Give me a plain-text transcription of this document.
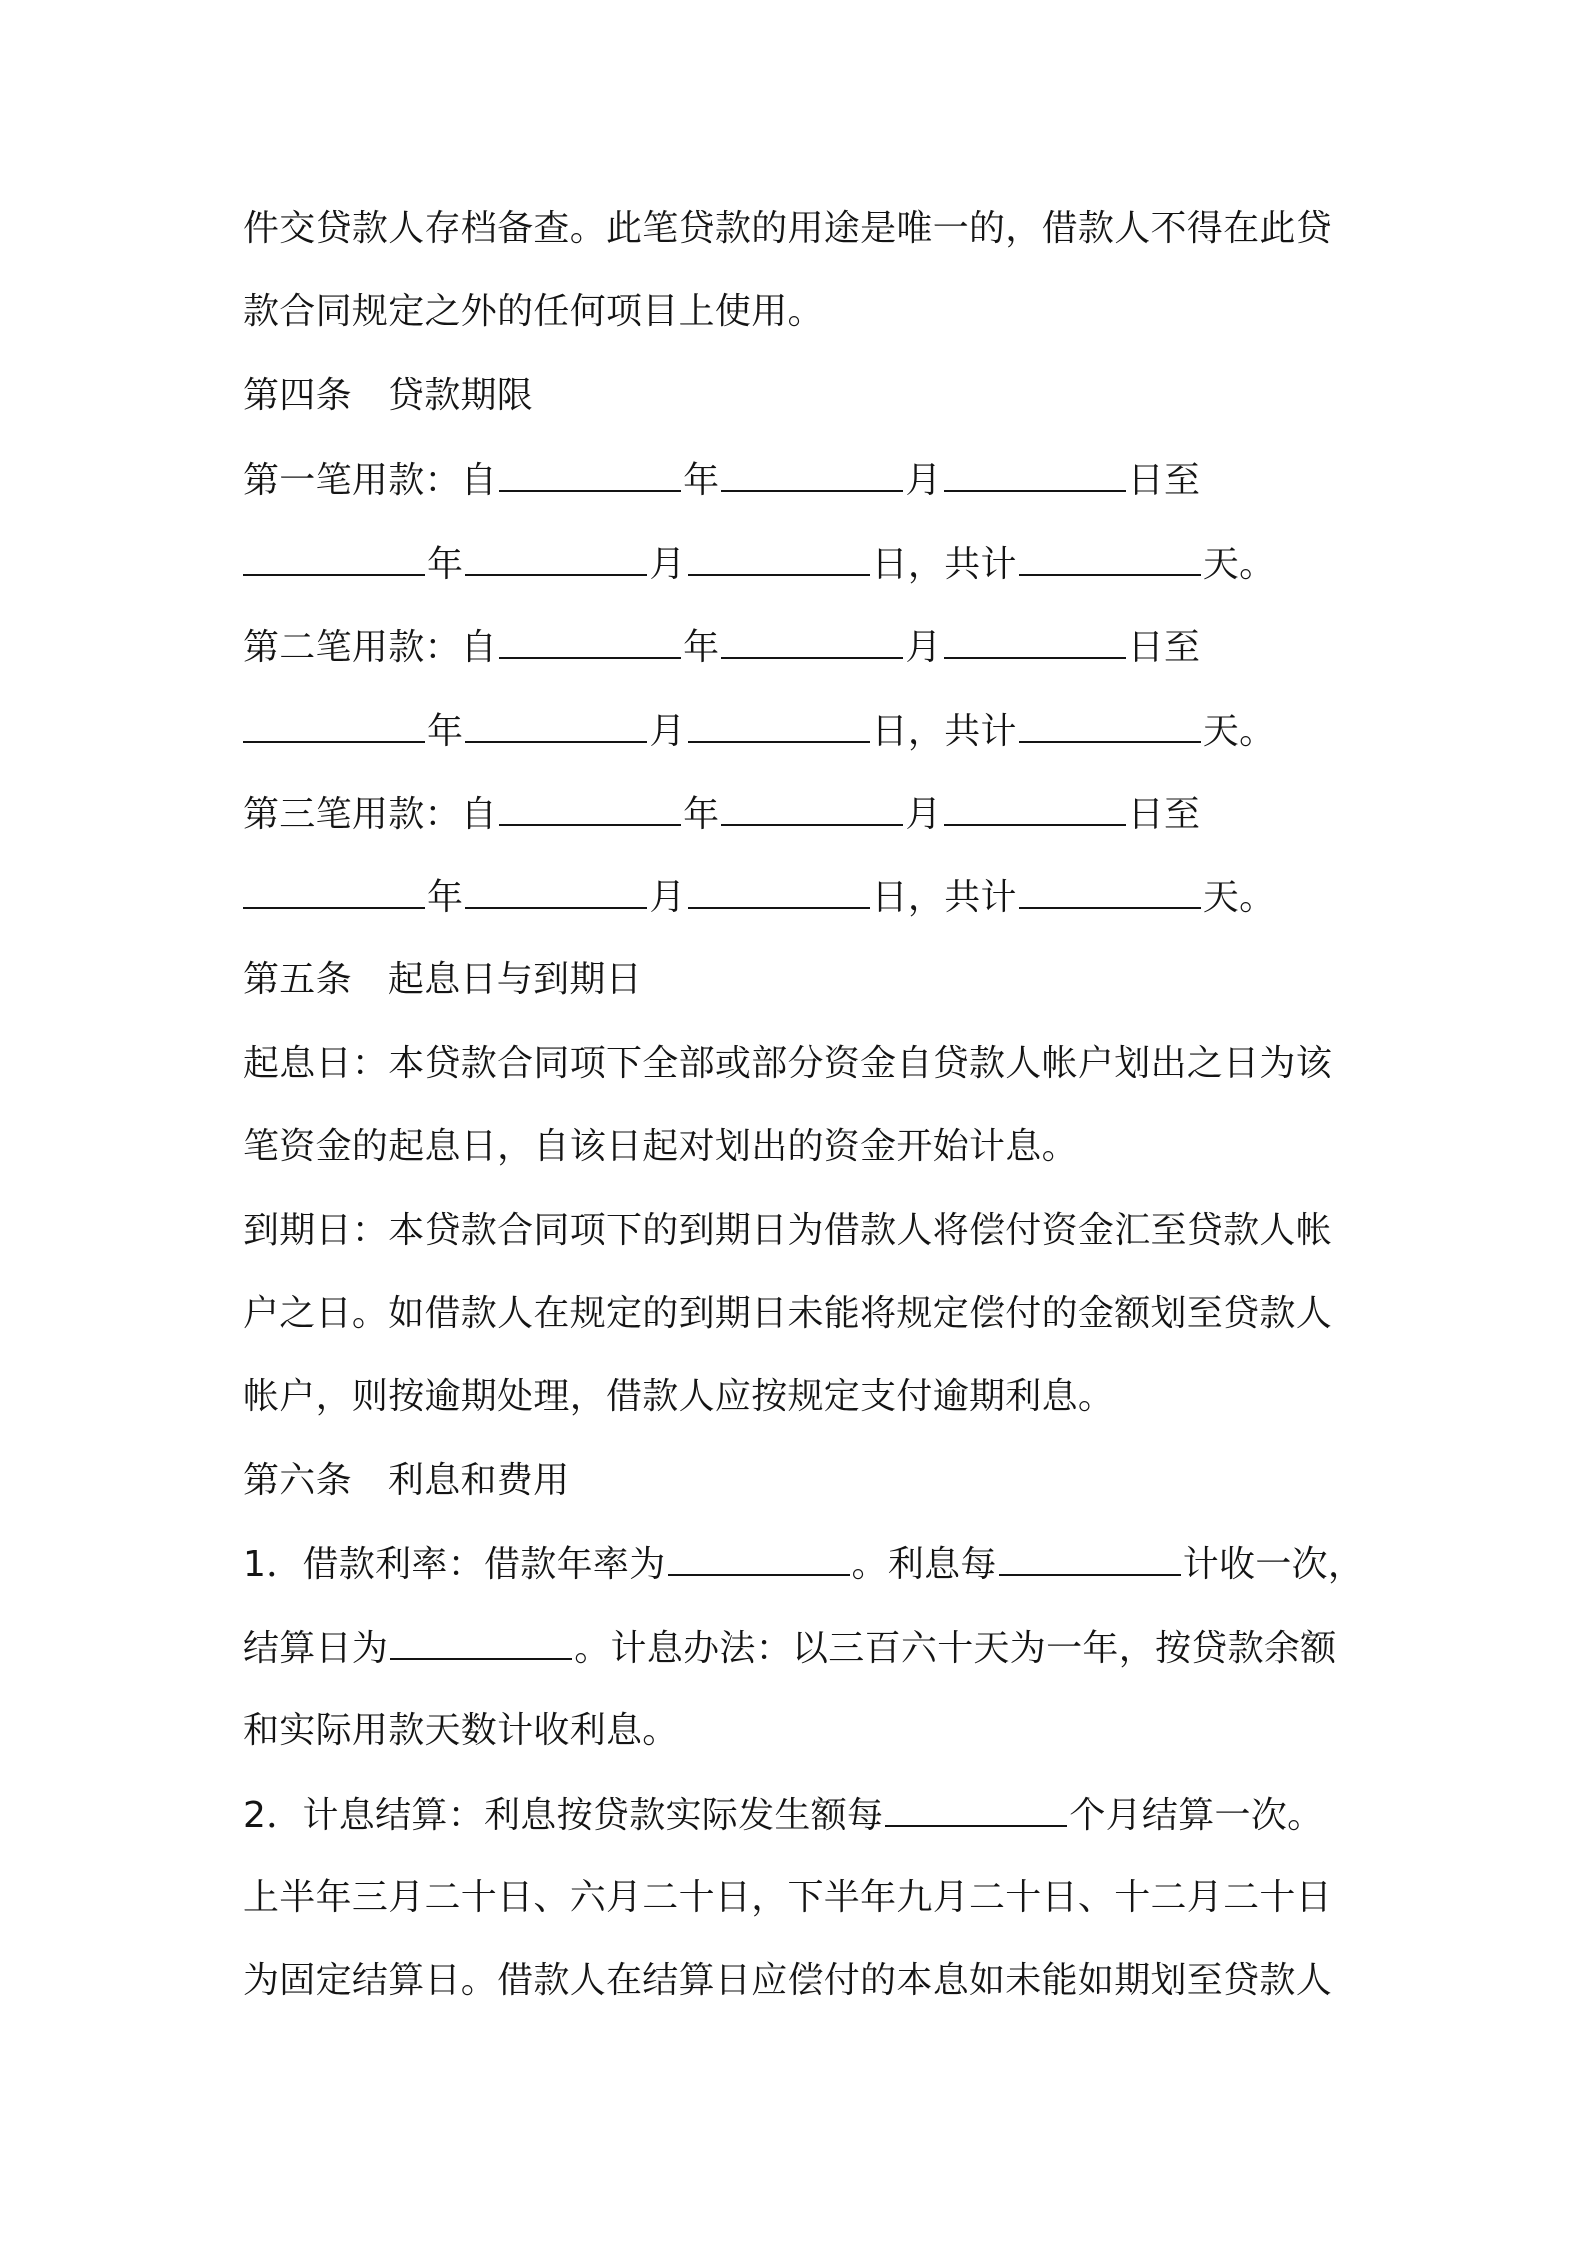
件交贷款人存档备查。此笔贷款的用途是唯一的，借款人不得在此贷
款合同规定之外的任何项目上使用。
第四条 贷款期限
第一笔用款：自	年	月	日至
年	月	日，共计	天。
第二笔用款：自	年	月	日至
年	月	日，共计	天。
第三笔用款：自	年	月	日至
年	月	日，共计	天。
第五条 起息日与到期日
起息日：本贷款合同项下全部或部分资金自贷款人帐户划出之日为该
笔资金的起息日，自该日起对划出的资金开始计息。
到期日：本贷款合同项下的到期日为借款人将偿付资金汇至贷款人帐
户之日。如借款人在规定的到期日未能将规定偿付的金额划至贷款人
帐户，则按逾期处理，借款人应按规定支付逾期利息。
第六条 利息和费用
1．借款利率：借款年率为	。利息每	计收一次，
结算日为	。计息办法：以三百六十天为一年，按贷款余额
和实际用款天数计收利息。
2．计息结算：利息按贷款实际发生额每	个月结算一次。
上半年三月二十日、六月二十日，下半年九月二十日、十二月二十日
为固定结算日。借款人在结算日应偿付的本息如未能如期划至贷款人
